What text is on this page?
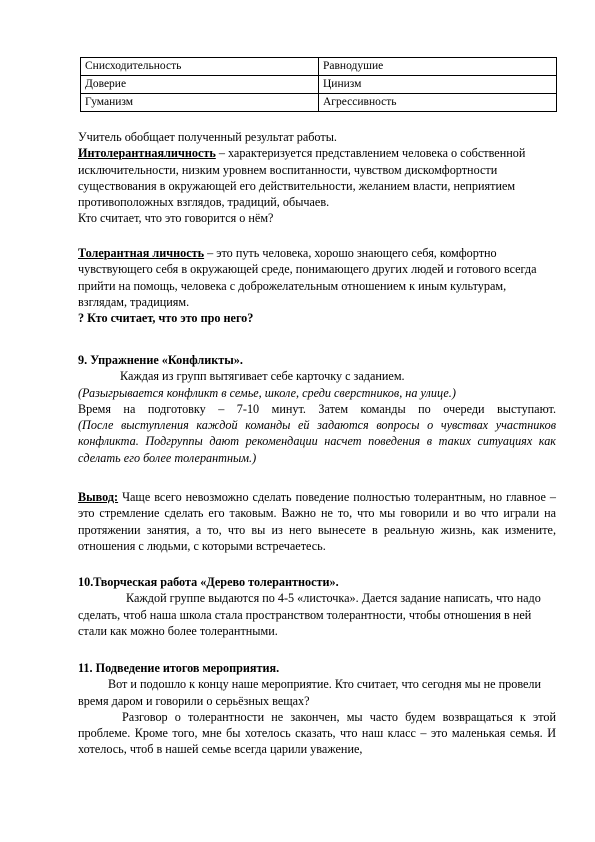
Снисходительность	Равнодушие
Доверие	Цинизм
Гуманизм	Агрессивность

Учитель обобщает полученный результат работы.

Интолерантнаяличность – характеризуется представлением человека о собственной исключительности, низким уровнем воспитанности, чувством дискомфортности существования в окружающей его действительности, желанием власти, неприятием противоположных взглядов, традиций, обычаев.

Кто считает, что это говорится о нём?

Толерантная личность – это путь человека, хорошо знающего себя, комфортно чувствующего себя в окружающей среде, понимающего других людей и готового всегда прийти на помощь, человека с доброжелательным отношением к иным культурам, взглядам, традициям.

? Кто считает, что это про него?

9. Упражнение «Конфликты».

Каждая из групп вытягивает себе карточку с заданием.

(Разыгрывается конфликт в семье, школе, среди сверстников, на улице.)

Время на подготовку – 7-10 минут. Затем команды по очереди выступают.

(После выступления каждой команды ей задаются вопросы о чувствах участников конфликта. Подгруппы дают рекомендации насчет поведения в таких ситуациях как сделать его более толерантным.)

Вывод: Чаще всего невозможно сделать поведение полностью толерантным, но главное – это стремление сделать его таковым. Важно не то, что мы говорили и во что играли на протяжении занятия, а то, что вы из него вынесете в реальную жизнь, как измените, отношения с людьми, с которыми встречаетесь.

10.Творческая работа «Дерево толерантности».

Каждой группе выдаются по 4-5 «листочка». Дается задание написать, что надо сделать, чтоб наша школа стала пространством толерантности, чтобы отношения в ней стали как можно более толерантными.

11. Подведение итогов мероприятия.

Вот и подошло к концу наше мероприятие. Кто считает, что сегодня мы не провели время даром и говорили о серьёзных вещах?

Разговор о толерантности не закончен, мы часто будем возвращаться к этой проблеме. Кроме того, мне бы хотелось сказать, что наш класс – это маленькая семья. И хотелось, чтоб в нашей семье всегда царили уважение,
